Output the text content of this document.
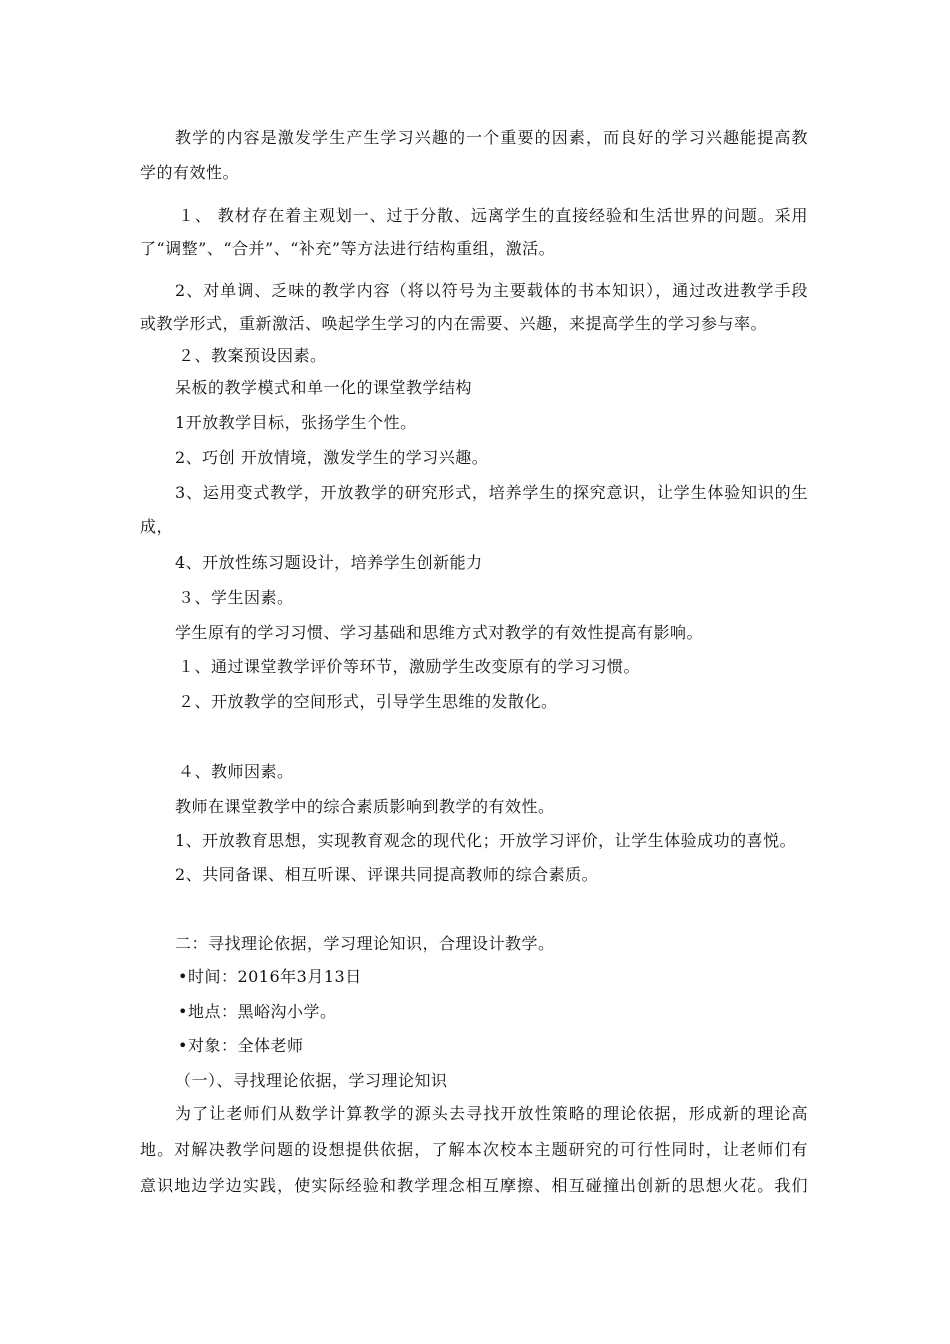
教学的内容是激发学生产生学习兴趣的一个重要的因素，而良好的学习兴趣能提高教
学的有效性。
１、 教材存在着主观划一、过于分散、远离学生的直接经验和生活世界的问题。采用
了“调整”、“合并”、“补充”等方法进行结构重组，激活。
2、对单调、乏味的教学内容（将以符号为主要载体的书本知识），通过改进教学手段
或教学形式，重新激活、唤起学生学习的内在需要、兴趣，来提高学生的学习参与率。
２、教案预设因素。
呆板的教学模式和单一化的课堂教学结构
1开放教学目标，张扬学生个性。
2、巧创 开放情境，激发学生的学习兴趣。
3、运用变式教学，开放教学的研究形式，培养学生的探究意识，让学生体验知识的生
成，
4、开放性练习题设计，培养学生创新能力
３、学生因素。
学生原有的学习习惯、学习基础和思维方式对教学的有效性提高有影响。
１、通过课堂教学评价等环节，激励学生改变原有的学习习惯。
２、开放教学的空间形式，引导学生思维的发散化。
４、教师因素。
教师在课堂教学中的综合素质影响到教学的有效性。
1、开放教育思想，实现教育观念的现代化；开放学习评价，让学生体验成功的喜悦。
2、共同备课、相互听课、评课共同提高教师的综合素质。
二：寻找理论依据，学习理论知识，合理设计教学。
•时间：2016年3月13日
•地点：黑峪沟小学。
•对象：全体老师
（一）、寻找理论依据，学习理论知识
为了让老师们从数学计算教学的源头去寻找开放性策略的理论依据，形成新的理论高
地。对解决教学问题的设想提供依据，了解本次校本主题研究的可行性同时，让老师们有
意识地边学边实践，使实际经验和教学理念相互摩擦、相互碰撞出创新的思想火花。我们
